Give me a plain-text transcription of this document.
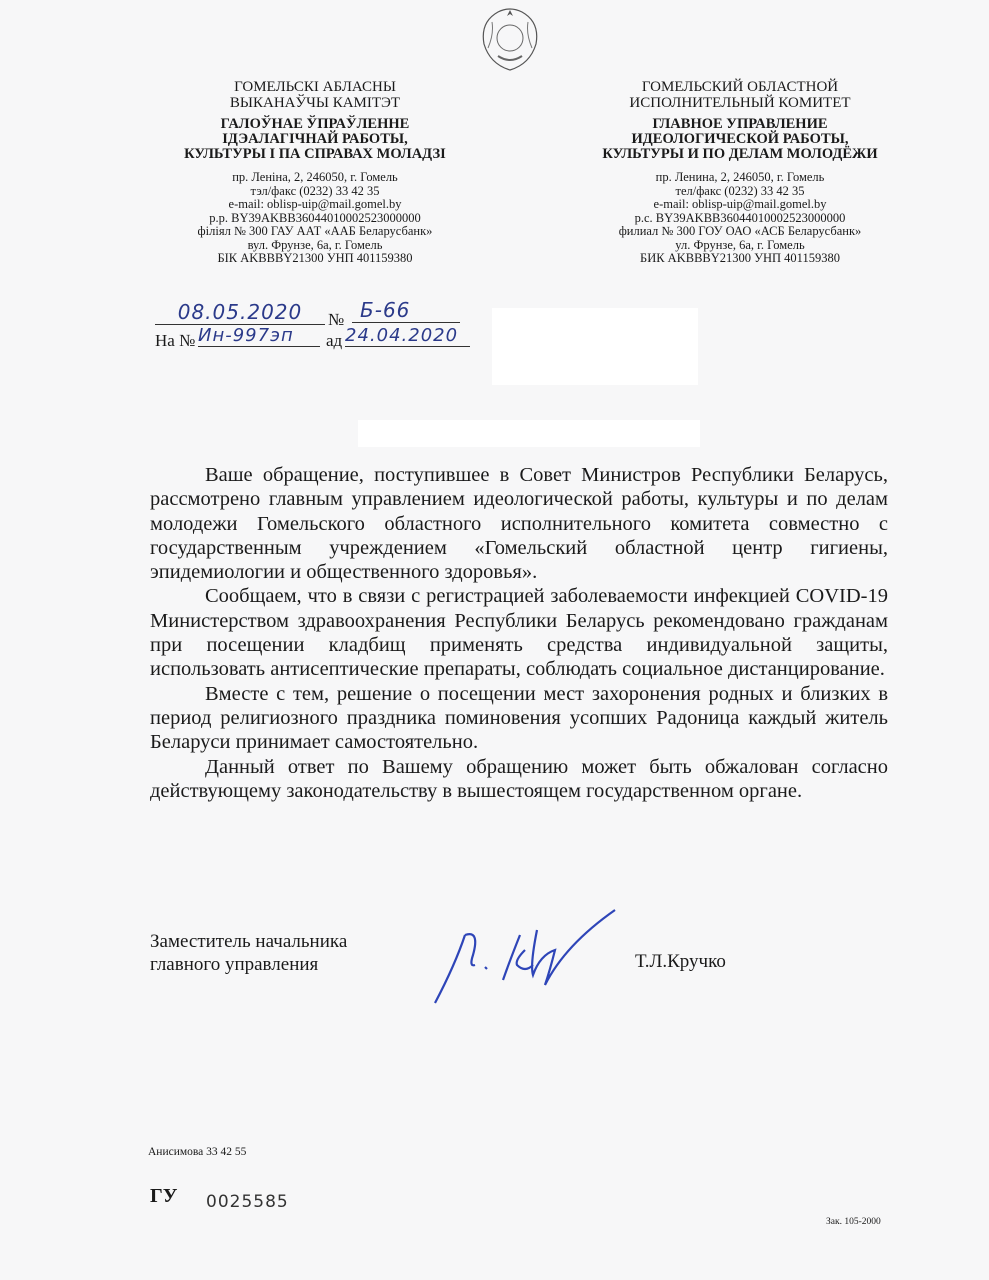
ГОМЕЛЬСКІ АБЛАСНЫ
ВЫКАНАЎЧЫ КАМІТЭТ
ГАЛОЎНАЕ ЎПРАЎЛЕННЕ
ІДЭАЛАГІЧНАЙ РАБОТЫ,
КУЛЬТУРЫ І ПА СПРАВАХ МОЛАДЗІ
пр. Леніна, 2, 246050, г. Гомель
тэл/факс (0232) 33 42 35
e-mail: oblisp-uip@mail.gomel.by
р.р. BY39AKBB36044010002523000000
філіял № 300 ГАУ ААТ «ААБ Беларусбанк»
вул. Фрунзе, 6а, г. Гомель
БІК AKBBBY21300 УНП 401159380
ГОМЕЛЬСКИЙ ОБЛАСТНОЙ
ИСПОЛНИТЕЛЬНЫЙ КОМИТЕТ
ГЛАВНОЕ УПРАВЛЕНИЕ
ИДЕОЛОГИЧЕСКОЙ РАБОТЫ,
КУЛЬТУРЫ И ПО ДЕЛАМ МОЛОДЁЖИ
пр. Ленина, 2, 246050, г. Гомель
тел/факс (0232) 33 42 35
e-mail: oblisp-uip@mail.gomel.by
р.с. BY39AKBB36044010002523000000
филиал № 300 ГОУ ОАО «АСБ Беларусбанк»
ул. Фрунзе, 6а, г. Гомель
БИК AKBBBY21300 УНП 401159380
08.05.2020	№ Б-66
На № Ин-997эп	ад 24.04.2020

Ваше обращение, поступившее в Совет Министров Республики Беларусь, рассмотрено главным управлением идеологической работы, культуры и по делам молодежи Гомельского областного исполнительного комитета совместно с государственным учреждением «Гомельский областной центр гигиены, эпидемиологии и общественного здоровья».

Сообщаем, что в связи с регистрацией заболеваемости инфекцией COVID-19 Министерством здравоохранения Республики Беларусь рекомендовано гражданам при посещении кладбищ применять средства индивидуальной защиты, использовать антисептические препараты, соблюдать социальное дистанцирование.

Вместе с тем, решение о посещении мест захоронения родных и близких в период религиозного праздника поминовения усопших Радоница каждый житель Беларуси принимает самостоятельно.

Данный ответ по Вашему обращению может быть обжалован согласно действующему законодательству в вышестоящем государственном органе.

Заместитель начальника
главного управления	Т.Л.Кручко
Анисимова 33 42 55
ГУ 0025585
Зак. 105-2000
